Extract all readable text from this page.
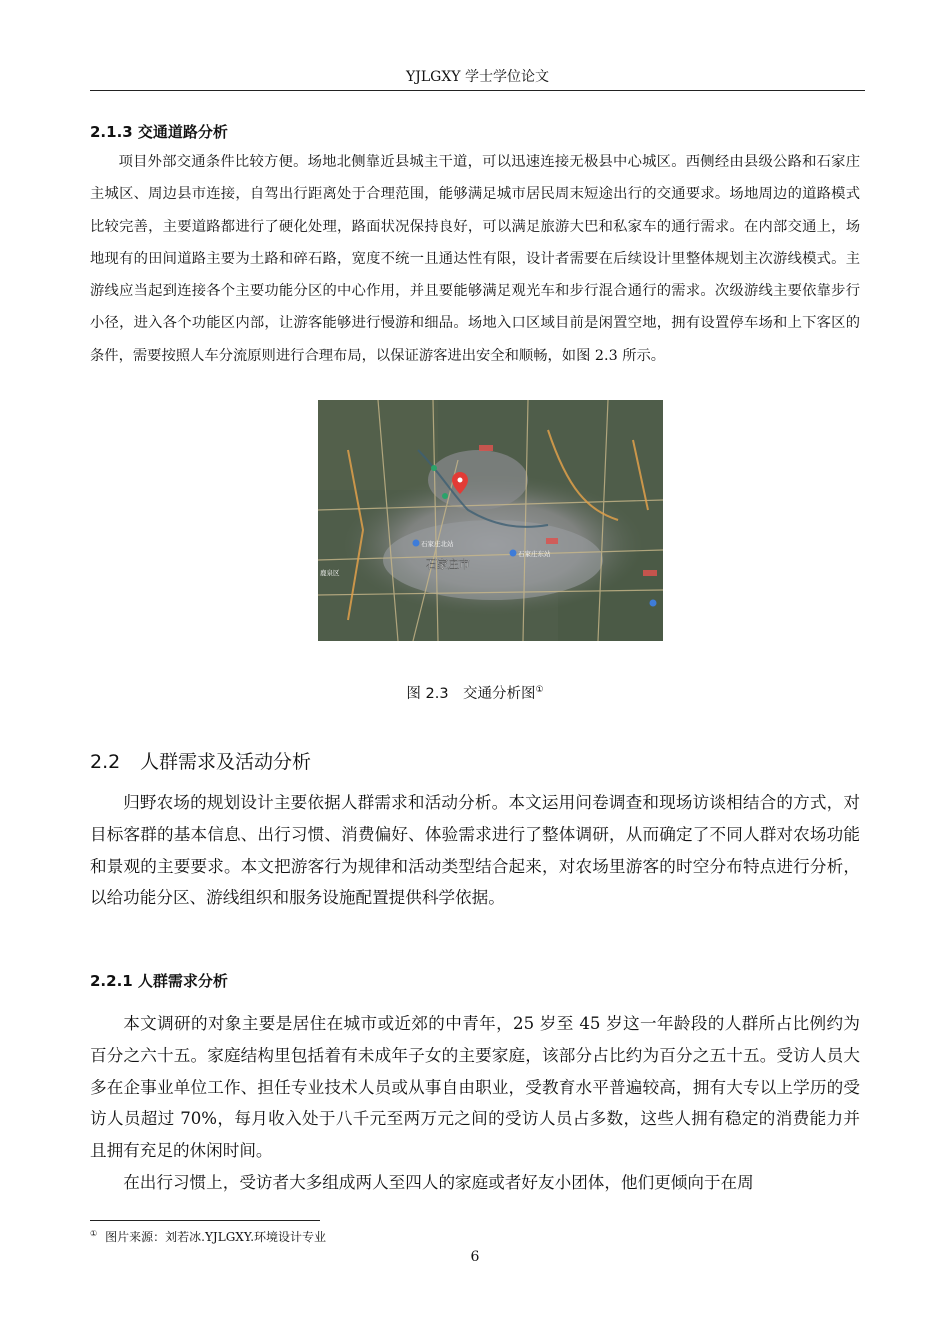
YJLGXY 学士学位论文
2.1.3 交通道路分析

项目外部交通条件比较方便。场地北侧靠近县城主干道，可以迅速连接无极县中心城区。西侧经由县级公路和石家庄主城区、周边县市连接，自驾出行距离处于合理范围，能够满足城市居民周末短途出行的交通要求。场地周边的道路模式比较完善，主要道路都进行了硬化处理，路面状况保持良好，可以满足旅游大巴和私家车的通行需求。在内部交通上，场地现有的田间道路主要为土路和碎石路，宽度不统一且通达性有限，设计者需要在后续设计里整体规划主次游线模式。主游线应当起到连接各个主要功能分区的中心作用，并且要能够满足观光车和步行混合通行的需求。次级游线主要依靠步行小径，进入各个功能区内部，让游客能够进行慢游和细品。场地入口区域目前是闲置空地，拥有设置停车场和上下客区的条件，需要按照人车分流原则进行合理布局，以保证游客进出安全和顺畅，如图 2.3 所示。

石家庄北站
石家庄东站
鹿泉区
石家庄市
图 2.3　交通分析图①
2.2 人群需求及活动分析

归野农场的规划设计主要依据人群需求和活动分析。本文运用问卷调查和现场访谈相结合的方式，对目标客群的基本信息、出行习惯、消费偏好、体验需求进行了整体调研，从而确定了不同人群对农场功能和景观的主要要求。本文把游客行为规律和活动类型结合起来，对农场里游客的时空分布特点进行分析，以给功能分区、游线组织和服务设施配置提供科学依据。

2.2.1 人群需求分析

本文调研的对象主要是居住在城市或近郊的中青年，25 岁至 45 岁这一年龄段的人群所占比例约为百分之六十五。家庭结构里包括着有未成年子女的主要家庭，该部分占比约为百分之五十五。受访人员大多在企事业单位工作、担任专业技术人员或从事自由职业，受教育水平普遍较高，拥有大专以上学历的受访人员超过 70%，每月收入处于八千元至两万元之间的受访人员占多数，这些人拥有稳定的消费能力并且拥有充足的休闲时间。

在出行习惯上，受访者大多组成两人至四人的家庭或者好友小团体，他们更倾向于在周

① 图片来源：刘若冰.YJLGXY.环境设计专业
6
